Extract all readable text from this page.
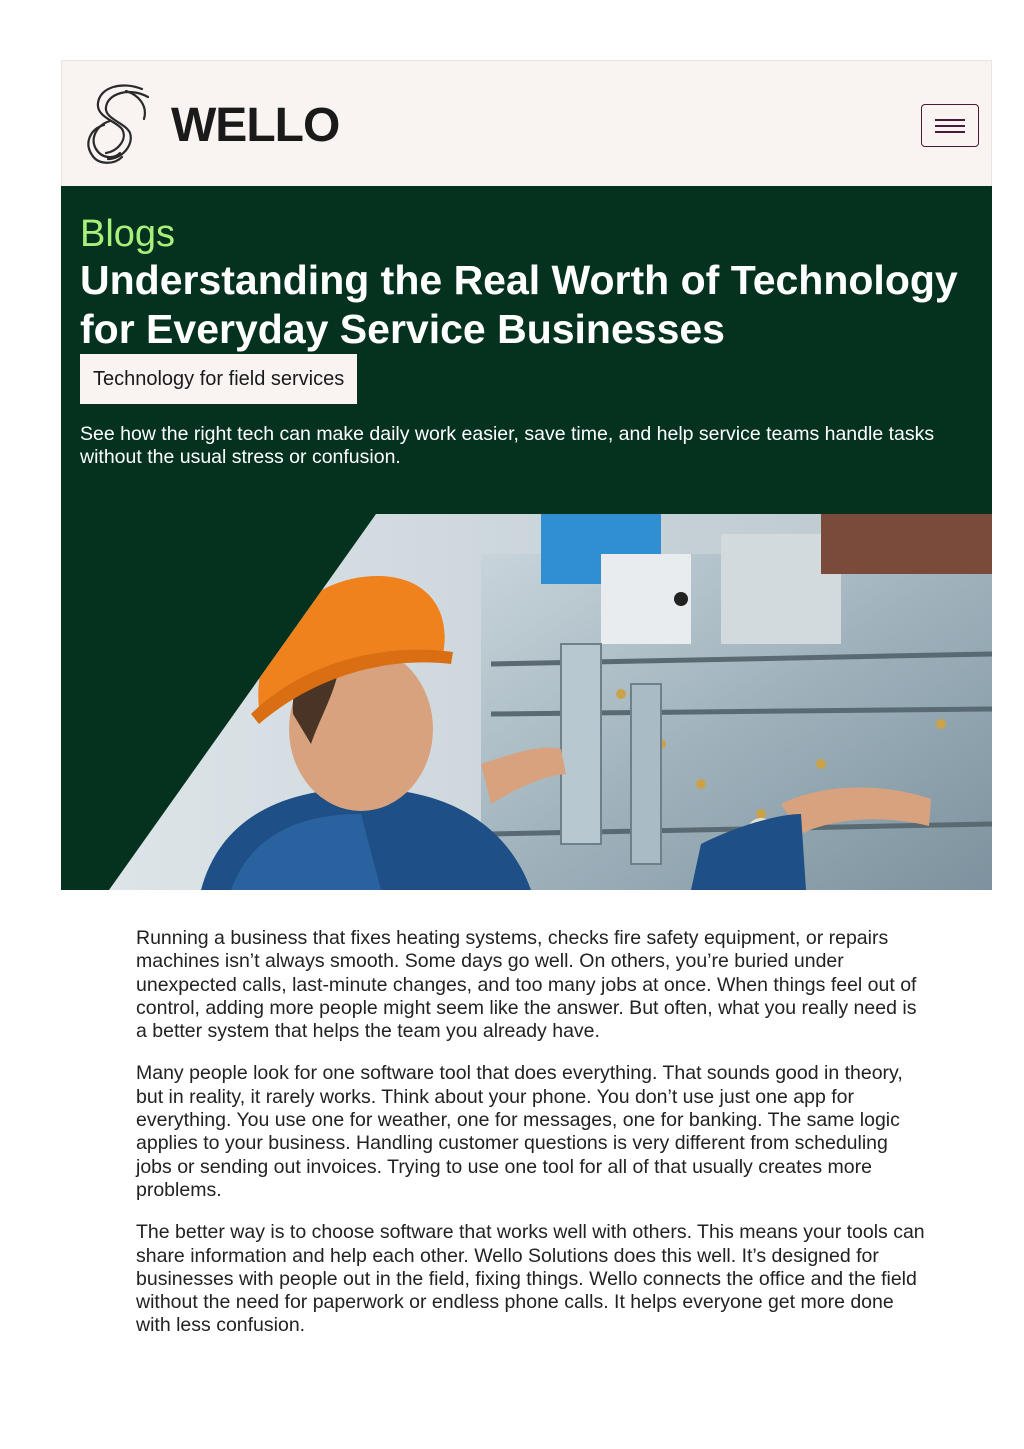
WELLO
Blogs
Understanding the Real Worth of Technology for Everyday Service Businesses
Technology for field services

See how the right tech can make daily work easier, save time, and help service teams handle tasks without the usual stress or confusion.

Running a business that fixes heating systems, checks fire safety equipment, or repairs machines isn’t always smooth. Some days go well. On others, you’re buried under unexpected calls, last-minute changes, and too many jobs at once. When things feel out of control, adding more people might seem like the answer. But often, what you really need is a better system that helps the team you already have.

Many people look for one software tool that does everything. That sounds good in theory, but in reality, it rarely works. Think about your phone. You don’t use just one app for everything. You use one for weather, one for messages, one for banking. The same logic applies to your business. Handling customer questions is very different from scheduling jobs or sending out invoices. Trying to use one tool for all of that usually creates more problems.

The better way is to choose software that works well with others. This means your tools can share information and help each other. Wello Solutions does this well. It’s designed for businesses with people out in the field, fixing things. Wello connects the office and the field without the need for paperwork or endless phone calls. It helps everyone get more done with less confusion.
